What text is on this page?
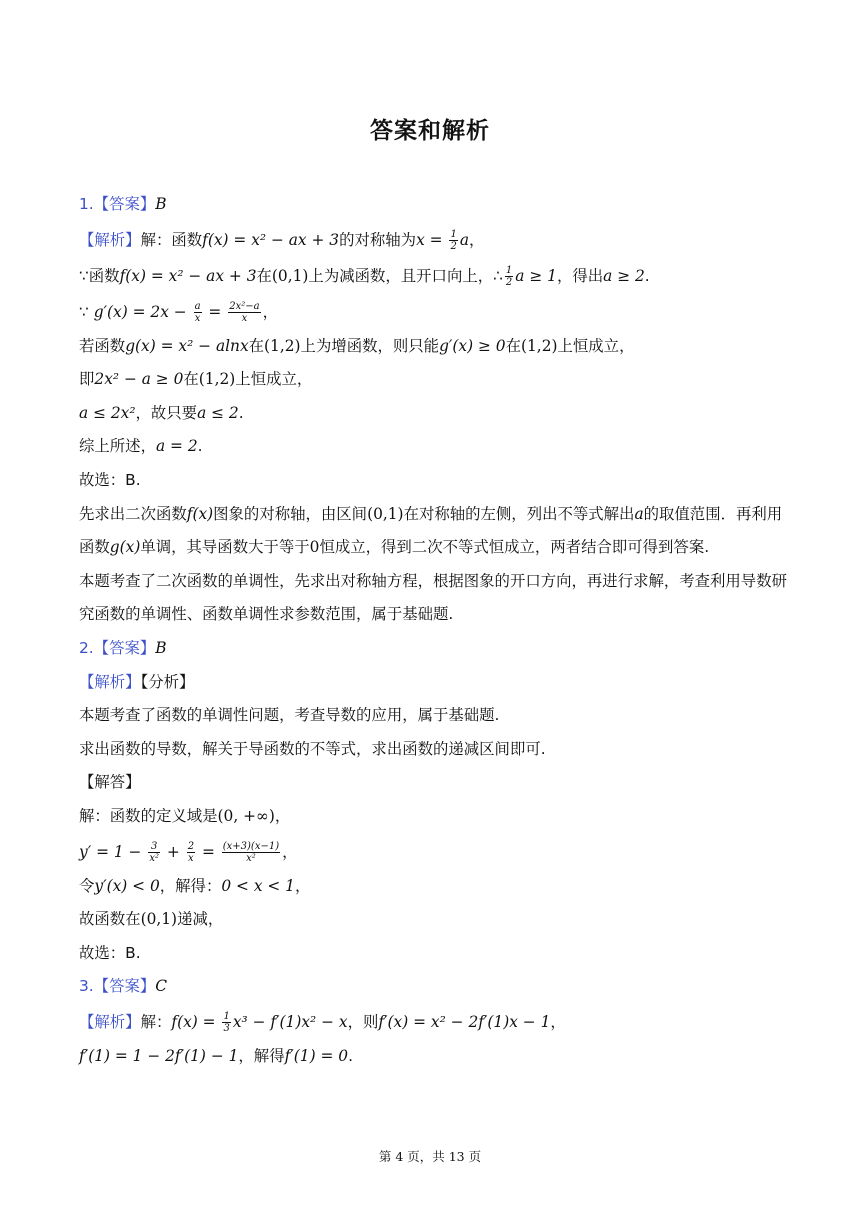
答案和解析
1.【答案】B
【解析】解：函数f(x) = x² − ax + 3的对称轴为$x = \frac{1}{2}$ a，
∵函数f(x) = x² − ax + 3在(0,1)上为减函数，且开口向上，∴ $\frac{1}{2}$ a ≥ 1，得出a ≥ 2.
∵ $g'(x) = 2x - \frac{a}{x} = \frac{\text{2x²−a}}{x}$ ，
若函数g(x) = x² − alnx在(1,2)上为增函数，则只能g′(x) ≥ 0在(1,2)上恒成立，
即2x² − a ≥ 0在(1,2)上恒成立，
a ≤ 2x²，故只要a ≤ 2.
综上所述，a = 2.
故选：B.
先求出二次函数f(x)图象的对称轴，由区间(0,1)在对称轴的左侧，列出不等式解出a的取值范围．再利用
函数g(x)单调，其导函数大于等于0恒成立，得到二次不等式恒成立，两者结合即可得到答案.
本题考查了二次函数的单调性，先求出对称轴方程，根据图象的开口方向，再进行求解，考查利用导数研
究函数的单调性、函数单调性求参数范围，属于基础题.
2.【答案】B
【解析】【分析】
本题考查了函数的单调性问题，考查导数的应用，属于基础题.
求出函数的导数，解关于导函数的不等式，求出函数的递减区间即可.
【解答】
解：函数的定义域是(0, +∞)，
$y' = 1 - \frac{3}{\text{x²}} + \frac{2}{x} = \frac{(x+3)(x-1)}{\text{x²}}$ ，
令y′(x) < 0，解得：0 < x < 1，
故函数在(0,1)递减，
故选：B.
3.【答案】C
【解析】解：$f(x) = \frac{1}{3} x^3 - f'(1)x^2 - x$，则f′(x) = x² − 2f′(1)x − 1，
f′(1) = 1 − 2f′(1) − 1，解得f′(1) = 0.
第 4 页，共 13 页
